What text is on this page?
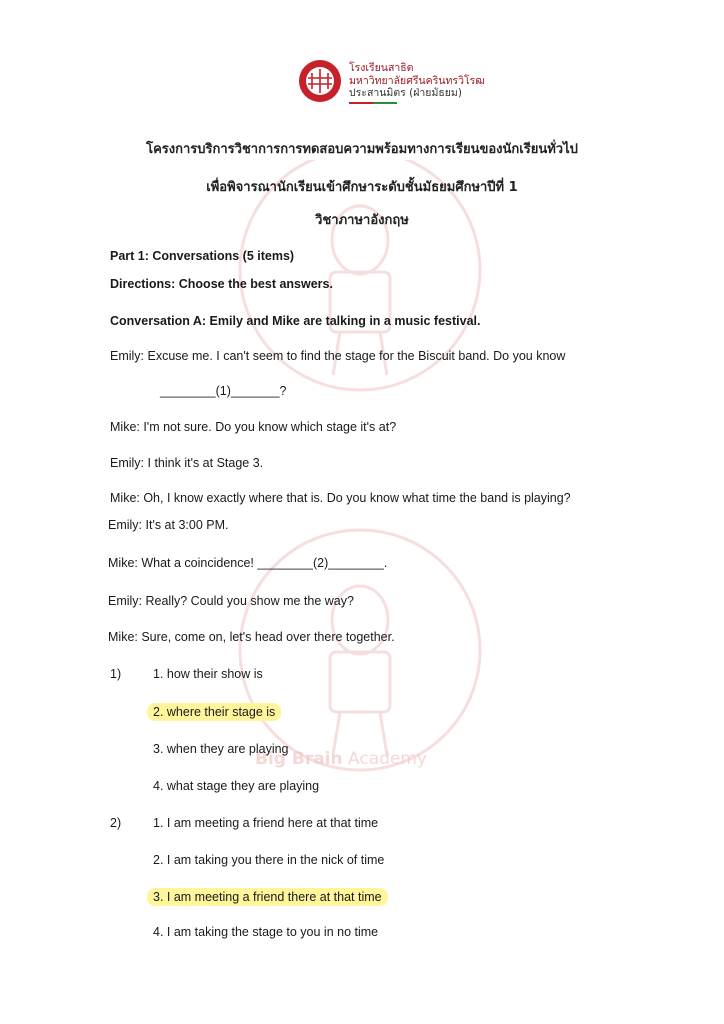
Big Brain Academy
โรงเรียนสาธิต
มหาวิทยาลัยศรีนครินทรวิโรฒ
ประสานมิตร (ฝ่ายมัธยม)
โครงการบริการวิชาการการทดสอบความพร้อมทางการเรียนของนักเรียนทั่วไป
เพื่อพิจารณานักเรียนเข้าศึกษาระดับชั้นมัธยมศึกษาปีที่ 1
วิชาภาษาอังกฤษ
Part 1: Conversations (5 items)
Directions: Choose the best answers.
Conversation A: Emily and Mike are talking in a music festival.
Emily: Excuse me. I can't seem to find the stage for the Biscuit band. Do you know
________(1)_______?
Mike: I'm not sure. Do you know which stage it's at?
Emily: I think it's at Stage 3.
Mike: Oh, I know exactly where that is. Do you know what time the band is playing?
Emily: It's at 3:00 PM.
Mike: What a coincidence! ________(2)________.
Emily: Really? Could you show me the way?
Mike: Sure, come on, let's head over there together.
1)	1. how their show is
2. where their stage is
3. when they are playing
4. what stage they are playing
2)	1. I am meeting a friend here at that time
2. I am taking you there in the nick of time
3. I am meeting a friend there at that time
4. I am taking the stage to you in no time
